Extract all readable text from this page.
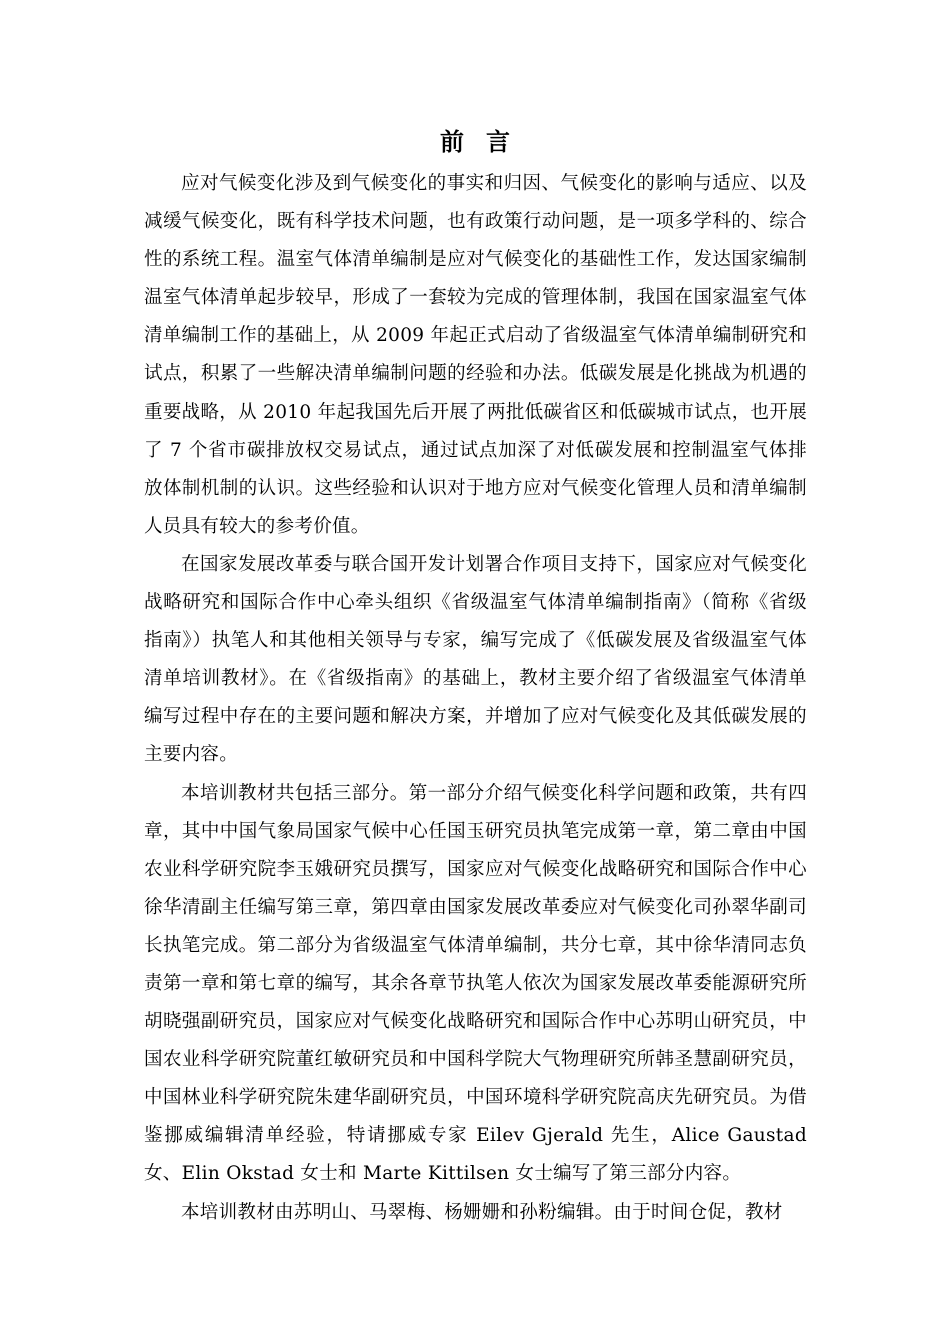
前言

应对气候变化涉及到气候变化的事实和归因、气候变化的影响与适应、以及减缓气候变化，既有科学技术问题，也有政策行动问题，是一项多学科的、综合性的系统工程。温室气体清单编制是应对气候变化的基础性工作，发达国家编制温室气体清单起步较早，形成了一套较为完成的管理体制，我国在国家温室气体清单编制工作的基础上，从 2009 年起正式启动了省级温室气体清单编制研究和试点，积累了一些解决清单编制问题的经验和办法。低碳发展是化挑战为机遇的重要战略，从 2010 年起我国先后开展了两批低碳省区和低碳城市试点，也开展了 7 个省市碳排放权交易试点，通过试点加深了对低碳发展和控制温室气体排放体制机制的认识。这些经验和认识对于地方应对气候变化管理人员和清单编制人员具有较大的参考价值。

在国家发展改革委与联合国开发计划署合作项目支持下，国家应对气候变化战略研究和国际合作中心牵头组织《省级温室气体清单编制指南》（简称《省级指南》）执笔人和其他相关领导与专家，编写完成了《低碳发展及省级温室气体清单培训教材》。在《省级指南》的基础上，教材主要介绍了省级温室气体清单编写过程中存在的主要问题和解决方案，并增加了应对气候变化及其低碳发展的主要内容。

本培训教材共包括三部分。第一部分介绍气候变化科学问题和政策，共有四章，其中中国气象局国家气候中心任国玉研究员执笔完成第一章，第二章由中国农业科学研究院李玉娥研究员撰写，国家应对气候变化战略研究和国际合作中心徐华清副主任编写第三章，第四章由国家发展改革委应对气候变化司孙翠华副司长执笔完成。第二部分为省级温室气体清单编制，共分七章，其中徐华清同志负责第一章和第七章的编写，其余各章节执笔人依次为国家发展改革委能源研究所胡晓强副研究员，国家应对气候变化战略研究和国际合作中心苏明山研究员，中国农业科学研究院董红敏研究员和中国科学院大气物理研究所韩圣慧副研究员，中国林业科学研究院朱建华副研究员，中国环境科学研究院高庆先研究员。为借鉴挪威编辑清单经验，特请挪威专家 Eilev Gjerald 先生，Alice Gaustad 女、Elin Okstad 女士和 Marte Kittilsen 女士编写了第三部分内容。

本培训教材由苏明山、马翠梅、杨姗姗和孙粉编辑。由于时间仓促，教材
